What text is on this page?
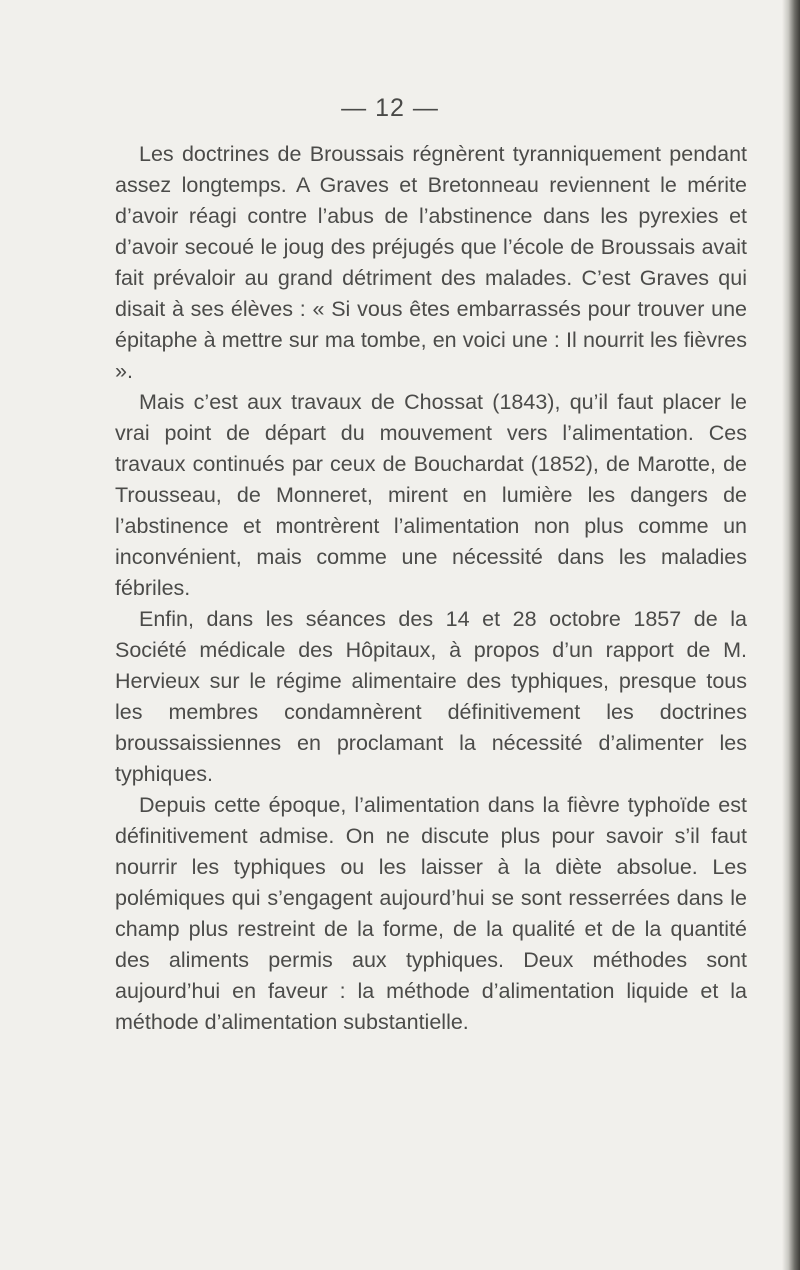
— 12 —

Les doctrines de Broussais régnèrent tyranniquement pendant assez longtemps. A Graves et Bretonneau reviennent le mérite d’avoir réagi contre l’abus de l’abstinence dans les pyrexies et d’avoir secoué le joug des préjugés que l’école de Broussais avait fait prévaloir au grand détriment des malades. C’est Graves qui disait à ses élèves : « Si vous êtes embarrassés pour trouver une épitaphe à mettre sur ma tombe, en voici une : Il nourrit les fièvres ».

Mais c’est aux travaux de Chossat (1843), qu’il faut placer le vrai point de départ du mouvement vers l’alimentation. Ces travaux continués par ceux de Bouchardat (1852), de Marotte, de Trousseau, de Monneret, mirent en lumière les dangers de l’abstinence et montrèrent l’alimentation non plus comme un inconvénient, mais comme une nécessité dans les maladies fébriles.

Enfin, dans les séances des 14 et 28 octobre 1857 de la Société médicale des Hôpitaux, à propos d’un rapport de M. Hervieux sur le régime alimentaire des typhiques, presque tous les membres condamnèrent définitivement les doctrines broussaissiennes en proclamant la nécessité d’alimenter les typhiques.

Depuis cette époque, l’alimentation dans la fièvre typhoïde est définitivement admise. On ne discute plus pour savoir s’il faut nourrir les typhiques ou les laisser à la diète absolue. Les polémiques qui s’engagent aujourd’hui se sont resserrées dans le champ plus restreint de la forme, de la qualité et de la quantité des aliments permis aux typhiques. Deux méthodes sont aujourd’hui en faveur : la méthode d’alimentation liquide et la méthode d’alimentation substantielle.
